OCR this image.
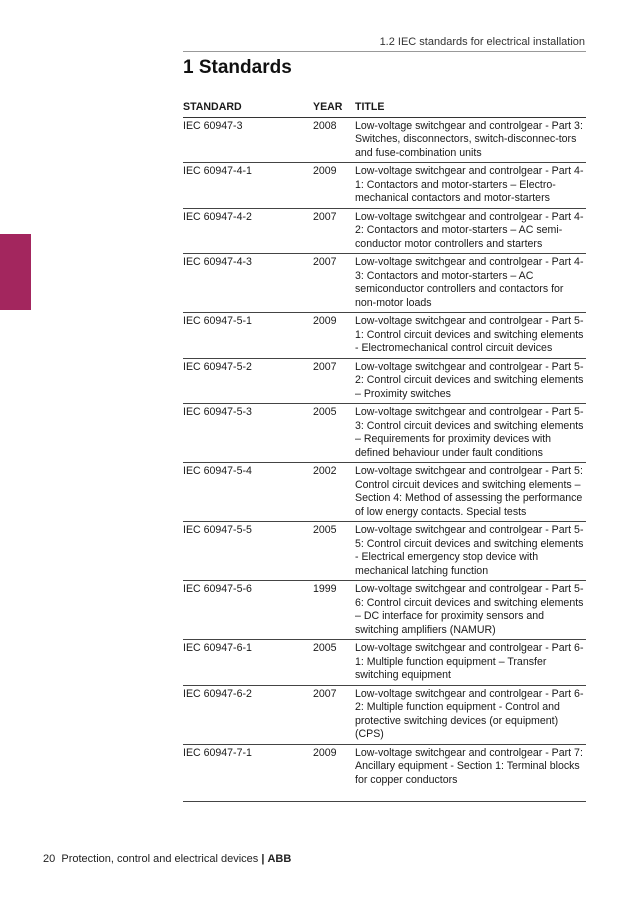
1.2 IEC standards for electrical installation
1 Standards
STANDARD	YEAR	TITLE
IEC 60947-3	2008	Low-voltage switchgear and controlgear - Part 3: Switches, disconnectors, switch-disconnec-tors and fuse-combination units
IEC 60947-4-1	2009	Low-voltage switchgear and controlgear - Part 4-1: Contactors and motor-starters – Electro-mechanical contactors and motor-starters
IEC 60947-4-2	2007	Low-voltage switchgear and controlgear - Part 4-2: Contactors and motor-starters – AC semi-conductor motor controllers and starters
IEC 60947-4-3	2007	Low-voltage switchgear and controlgear - Part 4-3: Contactors and motor-starters – AC semiconductor controllers and contactors for non-motor loads
IEC 60947-5-1	2009	Low-voltage switchgear and controlgear - Part 5-1: Control circuit devices and switching elements - Electromechanical control circuit devices
IEC 60947-5-2	2007	Low-voltage switchgear and controlgear - Part 5-2: Control circuit devices and switching elements – Proximity switches
IEC 60947-5-3	2005	Low-voltage switchgear and controlgear - Part 5-3: Control circuit devices and switching elements – Requirements for proximity devices with defined behaviour under fault conditions
IEC 60947-5-4	2002	Low-voltage switchgear and controlgear - Part 5: Control circuit devices and switching elements – Section 4: Method of assessing the performance of low energy contacts. Special tests
IEC 60947-5-5	2005	Low-voltage switchgear and controlgear - Part 5-5: Control circuit devices and switching elements - Electrical emergency stop device with mechanical latching function
IEC 60947-5-6	1999	Low-voltage switchgear and controlgear - Part 5-6: Control circuit devices and switching elements – DC interface for proximity sensors and switching amplifiers (NAMUR)
IEC 60947-6-1	2005	Low-voltage switchgear and controlgear - Part 6-1: Multiple function equipment – Transfer switching equipment
IEC 60947-6-2	2007	Low-voltage switchgear and controlgear - Part 6-2: Multiple function equipment - Control and protective switching devices (or equipment) (CPS)
IEC 60947-7-1	2009	Low-voltage switchgear and controlgear - Part 7: Ancillary equipment - Section 1: Terminal blocks for copper conductors
20 Protection, control and electrical devices | ABB
